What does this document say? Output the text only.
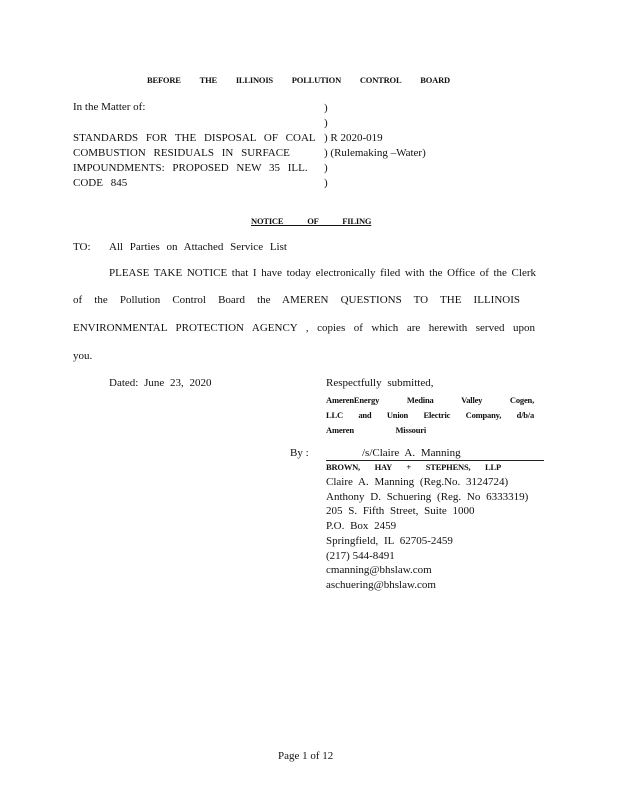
BEFORE THE ILLINOIS POLLUTION CONTROL BOARD
In the Matter of:
STANDARDS FOR THE DISPOSAL OF COAL
COMBUSTION RESIDUALS IN SURFACE
IMPOUNDMENTS: PROPOSED NEW 35 ILL.
CODE 845
)
)
) R 2020-019
) (Rulemaking –Water)
)
)
NOTICE OF FILING
TO: All Parties on Attached Service List
PLEASE TAKE NOTICE that I have today electronically filed with the Office of the Clerk
of the Pollution Control Board the AMEREN QUESTIONS TO THE ILLINOIS
ENVIRONMENTAL PROTECTION AGENCY , copies of which are herewith served upon
you.
Dated: June 23, 2020	Respectfully submitted,
AmerenEnergy Medina Valley Cogen,
LLC and Union Electric Company, d/b/a
Ameren Missouri
By :	/s/Claire A. Manning
BROWN, HAY + STEPHENS, LLP
Claire A. Manning (Reg.No. 3124724)
Anthony D. Schuering (Reg. No 6333319)
205 S. Fifth Street, Suite 1000
P.O. Box 2459
Springfield, IL 62705-2459
(217) 544-8491
cmanning@bhslaw.com
aschuering@bhslaw.com
Page 1 of 12
